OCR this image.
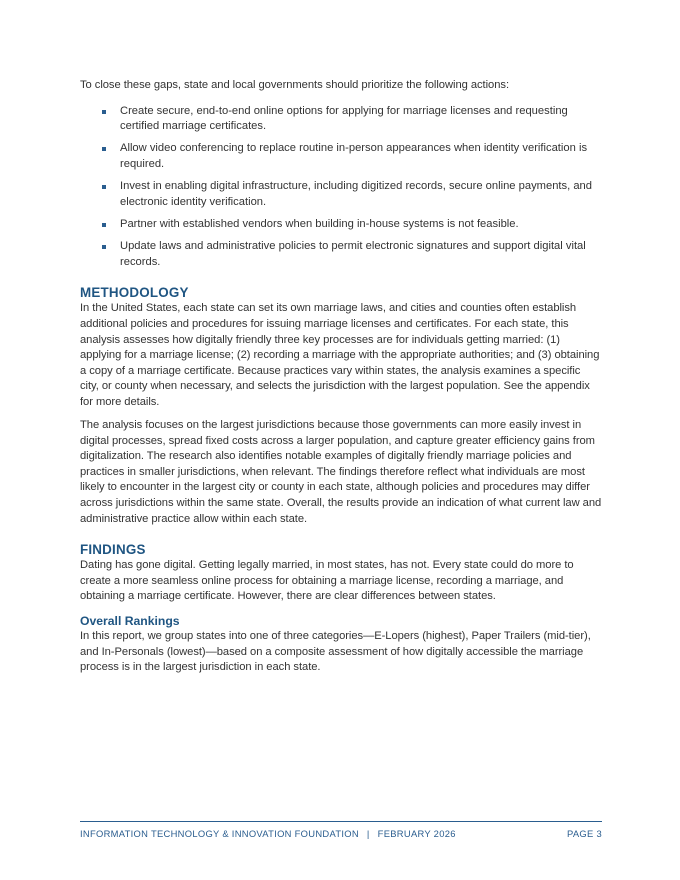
To close these gaps, state and local governments should prioritize the following actions:

Create secure, end-to-end online options for applying for marriage licenses and requesting certified marriage certificates.
Allow video conferencing to replace routine in-person appearances when identity verification is required.
Invest in enabling digital infrastructure, including digitized records, secure online payments, and electronic identity verification.
Partner with established vendors when building in-house systems is not feasible.
Update laws and administrative policies to permit electronic signatures and support digital vital records.
METHODOLOGY

In the United States, each state can set its own marriage laws, and cities and counties often establish additional policies and procedures for issuing marriage licenses and certificates. For each state, this analysis assesses how digitally friendly three key processes are for individuals getting married: (1) applying for a marriage license; (2) recording a marriage with the appropriate authorities; and (3) obtaining a copy of a marriage certificate. Because practices vary within states, the analysis examines a specific city, or county when necessary, and selects the jurisdiction with the largest population. See the appendix for more details.

The analysis focuses on the largest jurisdictions because those governments can more easily invest in digital processes, spread fixed costs across a larger population, and capture greater efficiency gains from digitalization. The research also identifies notable examples of digitally friendly marriage policies and practices in smaller jurisdictions, when relevant. The findings therefore reflect what individuals are most likely to encounter in the largest city or county in each state, although policies and procedures may differ across jurisdictions within the same state. Overall, the results provide an indication of what current law and administrative practice allow within each state.

FINDINGS

Dating has gone digital. Getting legally married, in most states, has not. Every state could do more to create a more seamless online process for obtaining a marriage license, recording a marriage, and obtaining a marriage certificate. However, there are clear differences between states.

Overall Rankings

In this report, we group states into one of three categories—E-Lopers (highest), Paper Trailers (mid-tier), and In-Personals (lowest)—based on a composite assessment of how digitally accessible the marriage process is in the largest jurisdiction in each state.

INFORMATION TECHNOLOGY & INNOVATION FOUNDATION | FEBRUARY 2026	PAGE 3
